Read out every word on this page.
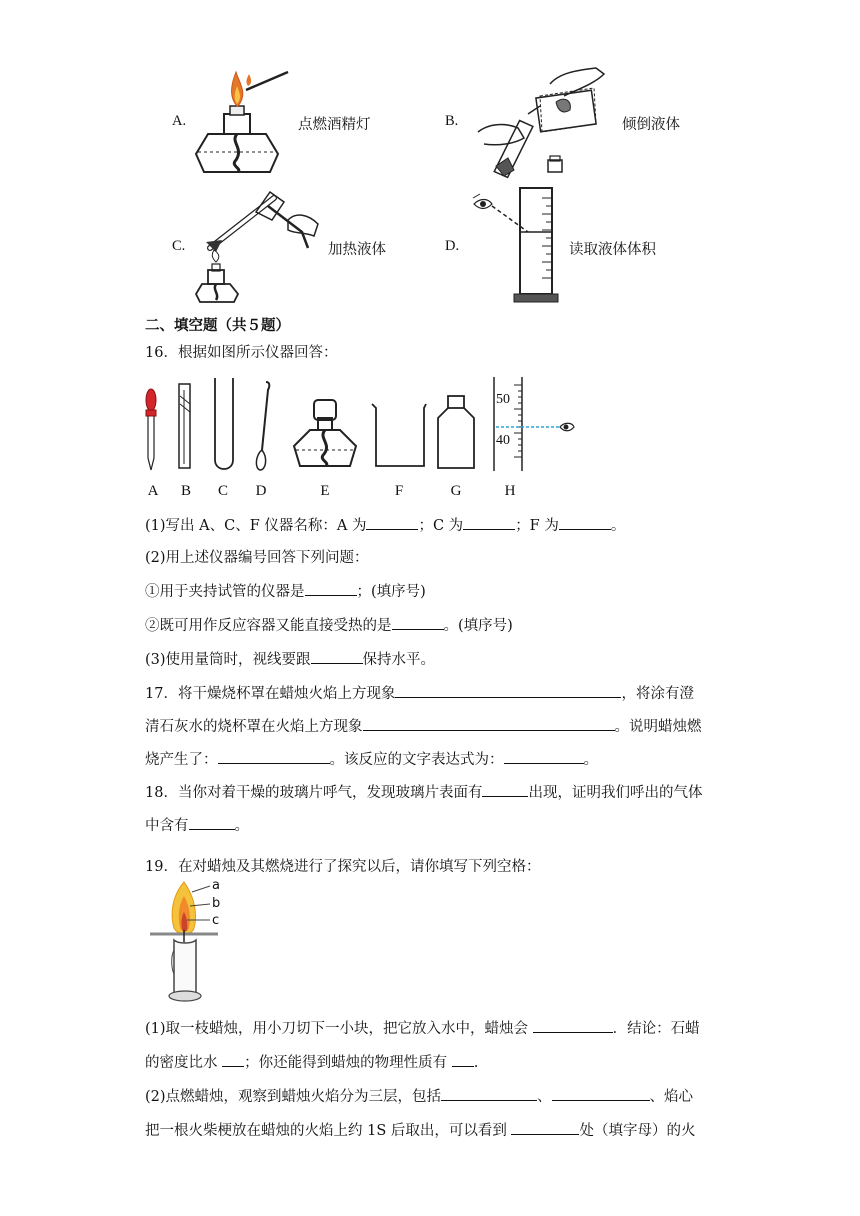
A.	点燃酒精灯	B.	倾倒液体
C.	加热液体	D.	读取液体体积
二、填空题（共５题）
16．根据如图所示仪器回答：
50
40
A	B	C	D	E	F	G	H
(1)写出 A、C、F 仪器名称：A 为	；C 为	；F 为	。
(2)用上述仪器编号回答下列问题：
①用于夹持试管的仪器是	；(填序号)
②既可用作反应容器又能直接受热的是	。(填序号)
(3)使用量筒时，视线要跟	保持水平。
17．将干燥烧杯罩在蜡烛火焰上方现象	，将涂有澄
清石灰水的烧杯罩在火焰上方现象	。说明蜡烛燃
烧产生了：	。该反应的文字表达式为：	。
18．当你对着干燥的玻璃片呼气，发现玻璃片表面有	出现，证明我们呼出的气体
中含有	。
19．在对蜡烛及其燃烧进行了探究以后，请你填写下列空格：
a
b
c
(1)取一枝蜡烛，用小刀切下一小块，把它放入水中，蜡烛会	．结论：石蜡
的密度比水 ；你还能得到蜡烛的物理性质有 .
(2)点燃蜡烛，观察到蜡烛火焰分为三层，包括	、	、焰心
把一根火柴梗放在蜡烛的火焰上约 1S 后取出，可以看到	处（填字母）的火
